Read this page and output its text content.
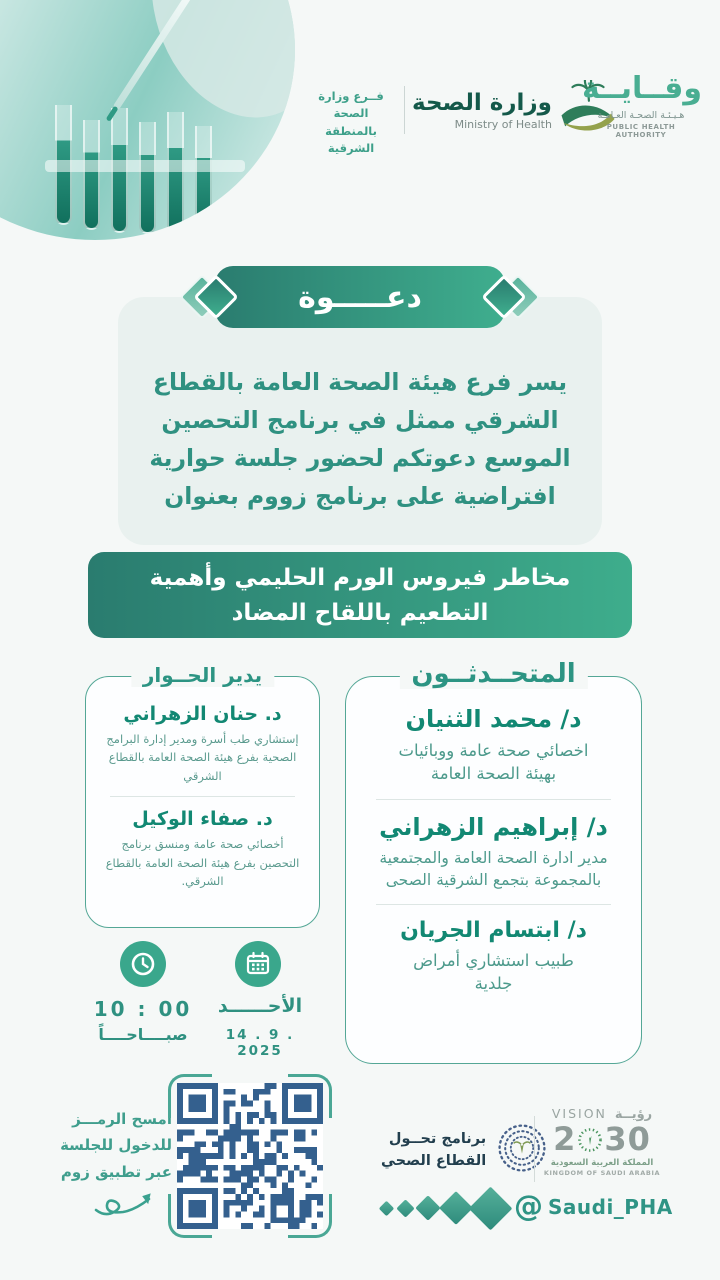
فــرع وزارة الصحة
بالمنطقة الشرقية
وزارة الصحة
Ministry of Health
وقــايــة
هـيـئـة الصحـة العـامـة
PUBLIC HEALTH AUTHORITY
دعـــــوة
يسر فرع هيئة الصحة العامة بالقطاع
الشرقي ممثل في برنامج التحصين
الموسع دعوتكم لحضور جلسة حوارية
افتراضية على برنامج زووم بعنوان
مخاطر فيروس الورم الحليمي وأهمية
التطعيم باللقاح المضاد
المتحــدثــون
د/ محمد الثنيان
اخصائي صحة عامة ووبائيات بهيئة الصحة العامة
د/ إبراهيم الزهراني
مدير ادارة الصحة العامة والمجتمعية بالمجموعة بتجمع الشرقية الصحى
د/ ابتسام الجريان
طبيب استشاري أمراض جلدية
يدير الحــوار
د. حنان الزهراني
إستشاري طب أسرة ومدير إدارة البرامج الصحية بفرع هيئة الصحة العامة بالقطاع الشرقي
د. صفاء الوكيل
أخصائي صحة عامة ومنسق برنامج التحصين بفرع هيئة الصحة العامة بالقطاع الشرقي.
10 : 00
صبــــاحــــاً
الأحــــــد
14 . 9 . 2025
امسح الرمـــز
للدخول للجلسة
عبر تطبيق زوم
برنامج تحــول
القطاع الصحي
VISION رؤيــة
2 30
المملكة العربية السعودية
KINGDOM OF SAUDI ARABIA
@ Saudi_PHA
